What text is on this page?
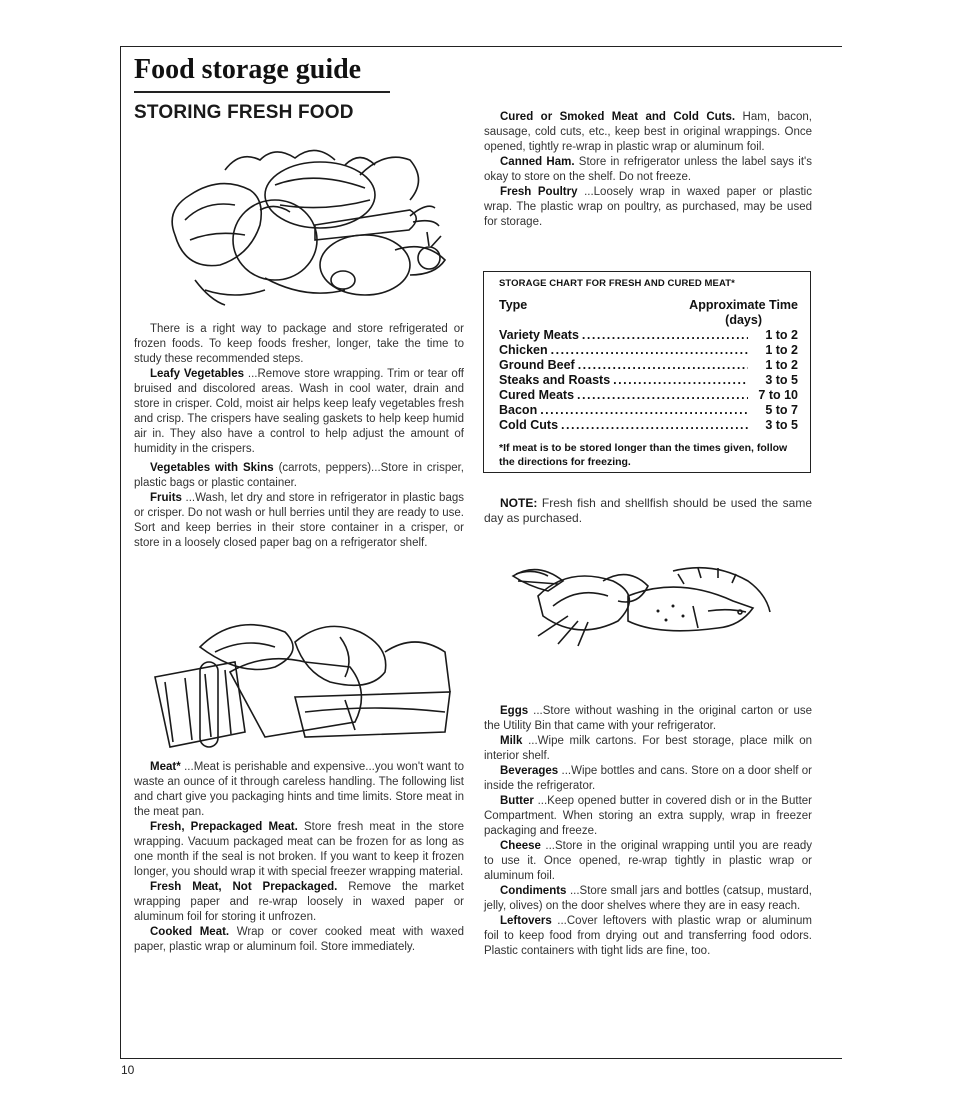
Food storage guide
STORING FRESH FOOD

There is a right way to package and store refrigerated or frozen foods. To keep foods fresher, longer, take the time to study these recommended steps.

Leafy Vegetables ...Remove store wrapping. Trim or tear off bruised and discolored areas. Wash in cool water, drain and store in crisper. Cold, moist air helps keep leafy vegetables fresh and crisp. The crispers have sealing gaskets to help keep humid air in. They also have a control to help adjust the amount of humidity in the crispers.

Vegetables with Skins (carrots, peppers)...Store in crisper, plastic bags or plastic container.

Fruits ...Wash, let dry and store in refrigerator in plastic bags or crisper. Do not wash or hull berries until they are ready to use. Sort and keep berries in their store container in a crisper, or store in a loosely closed paper bag on a refrigerator shelf.

Meat* ...Meat is perishable and expensive...you won't want to waste an ounce of it through careless handling. The following list and chart give you packaging hints and time limits. Store meat in the meat pan.

Fresh, Prepackaged Meat. Store fresh meat in the store wrapping. Vacuum packaged meat can be frozen for as long as one month if the seal is not broken. If you want to keep it frozen longer, you should wrap it with special freezer wrapping material.

Fresh Meat, Not Prepackaged. Remove the market wrapping paper and re-wrap loosely in waxed paper or aluminum foil for storing it unfrozen.

Cooked Meat. Wrap or cover cooked meat with waxed paper, plastic wrap or aluminum foil. Store immediately.

Cured or Smoked Meat and Cold Cuts. Ham, bacon, sausage, cold cuts, etc., keep best in original wrappings. Once opened, tightly re-wrap in plastic wrap or aluminum foil.

Canned Ham. Store in refrigerator unless the label says it's okay to store on the shelf. Do not freeze.

Fresh Poultry ...Loosely wrap in waxed paper or plastic wrap. The plastic wrap on poultry, as purchased, may be used for storage.

STORAGE CHART FOR FRESH AND CURED MEAT*
Type	Approximate Time
(days)
Variety Meats .....	1 to 2
Chicken .....	1 to 2
Ground Beef .....	1 to 2
Steaks and Roasts .....	3 to 5
Cured Meats .....	7 to 10
Bacon .....	5 to 7
Cold Cuts .....	3 to 5
*If meat is to be stored longer than the times given, follow the directions for freezing.

NOTE: Fresh fish and shellfish should be used the same day as purchased.

Eggs ...Store without washing in the original carton or use the Utility Bin that came with your refrigerator.

Milk ...Wipe milk cartons. For best storage, place milk on interior shelf.

Beverages ...Wipe bottles and cans. Store on a door shelf or inside the refrigerator.

Butter ...Keep opened butter in covered dish or in the Butter Compartment. When storing an extra supply, wrap in freezer packaging and freeze.

Cheese ...Store in the original wrapping until you are ready to use it. Once opened, re-wrap tightly in plastic wrap or aluminum foil.

Condiments ...Store small jars and bottles (catsup, mustard, jelly, olives) on the door shelves where they are in easy reach.

Leftovers ...Cover leftovers with plastic wrap or aluminum foil to keep food from drying out and transferring food odors. Plastic containers with tight lids are fine, too.

10
